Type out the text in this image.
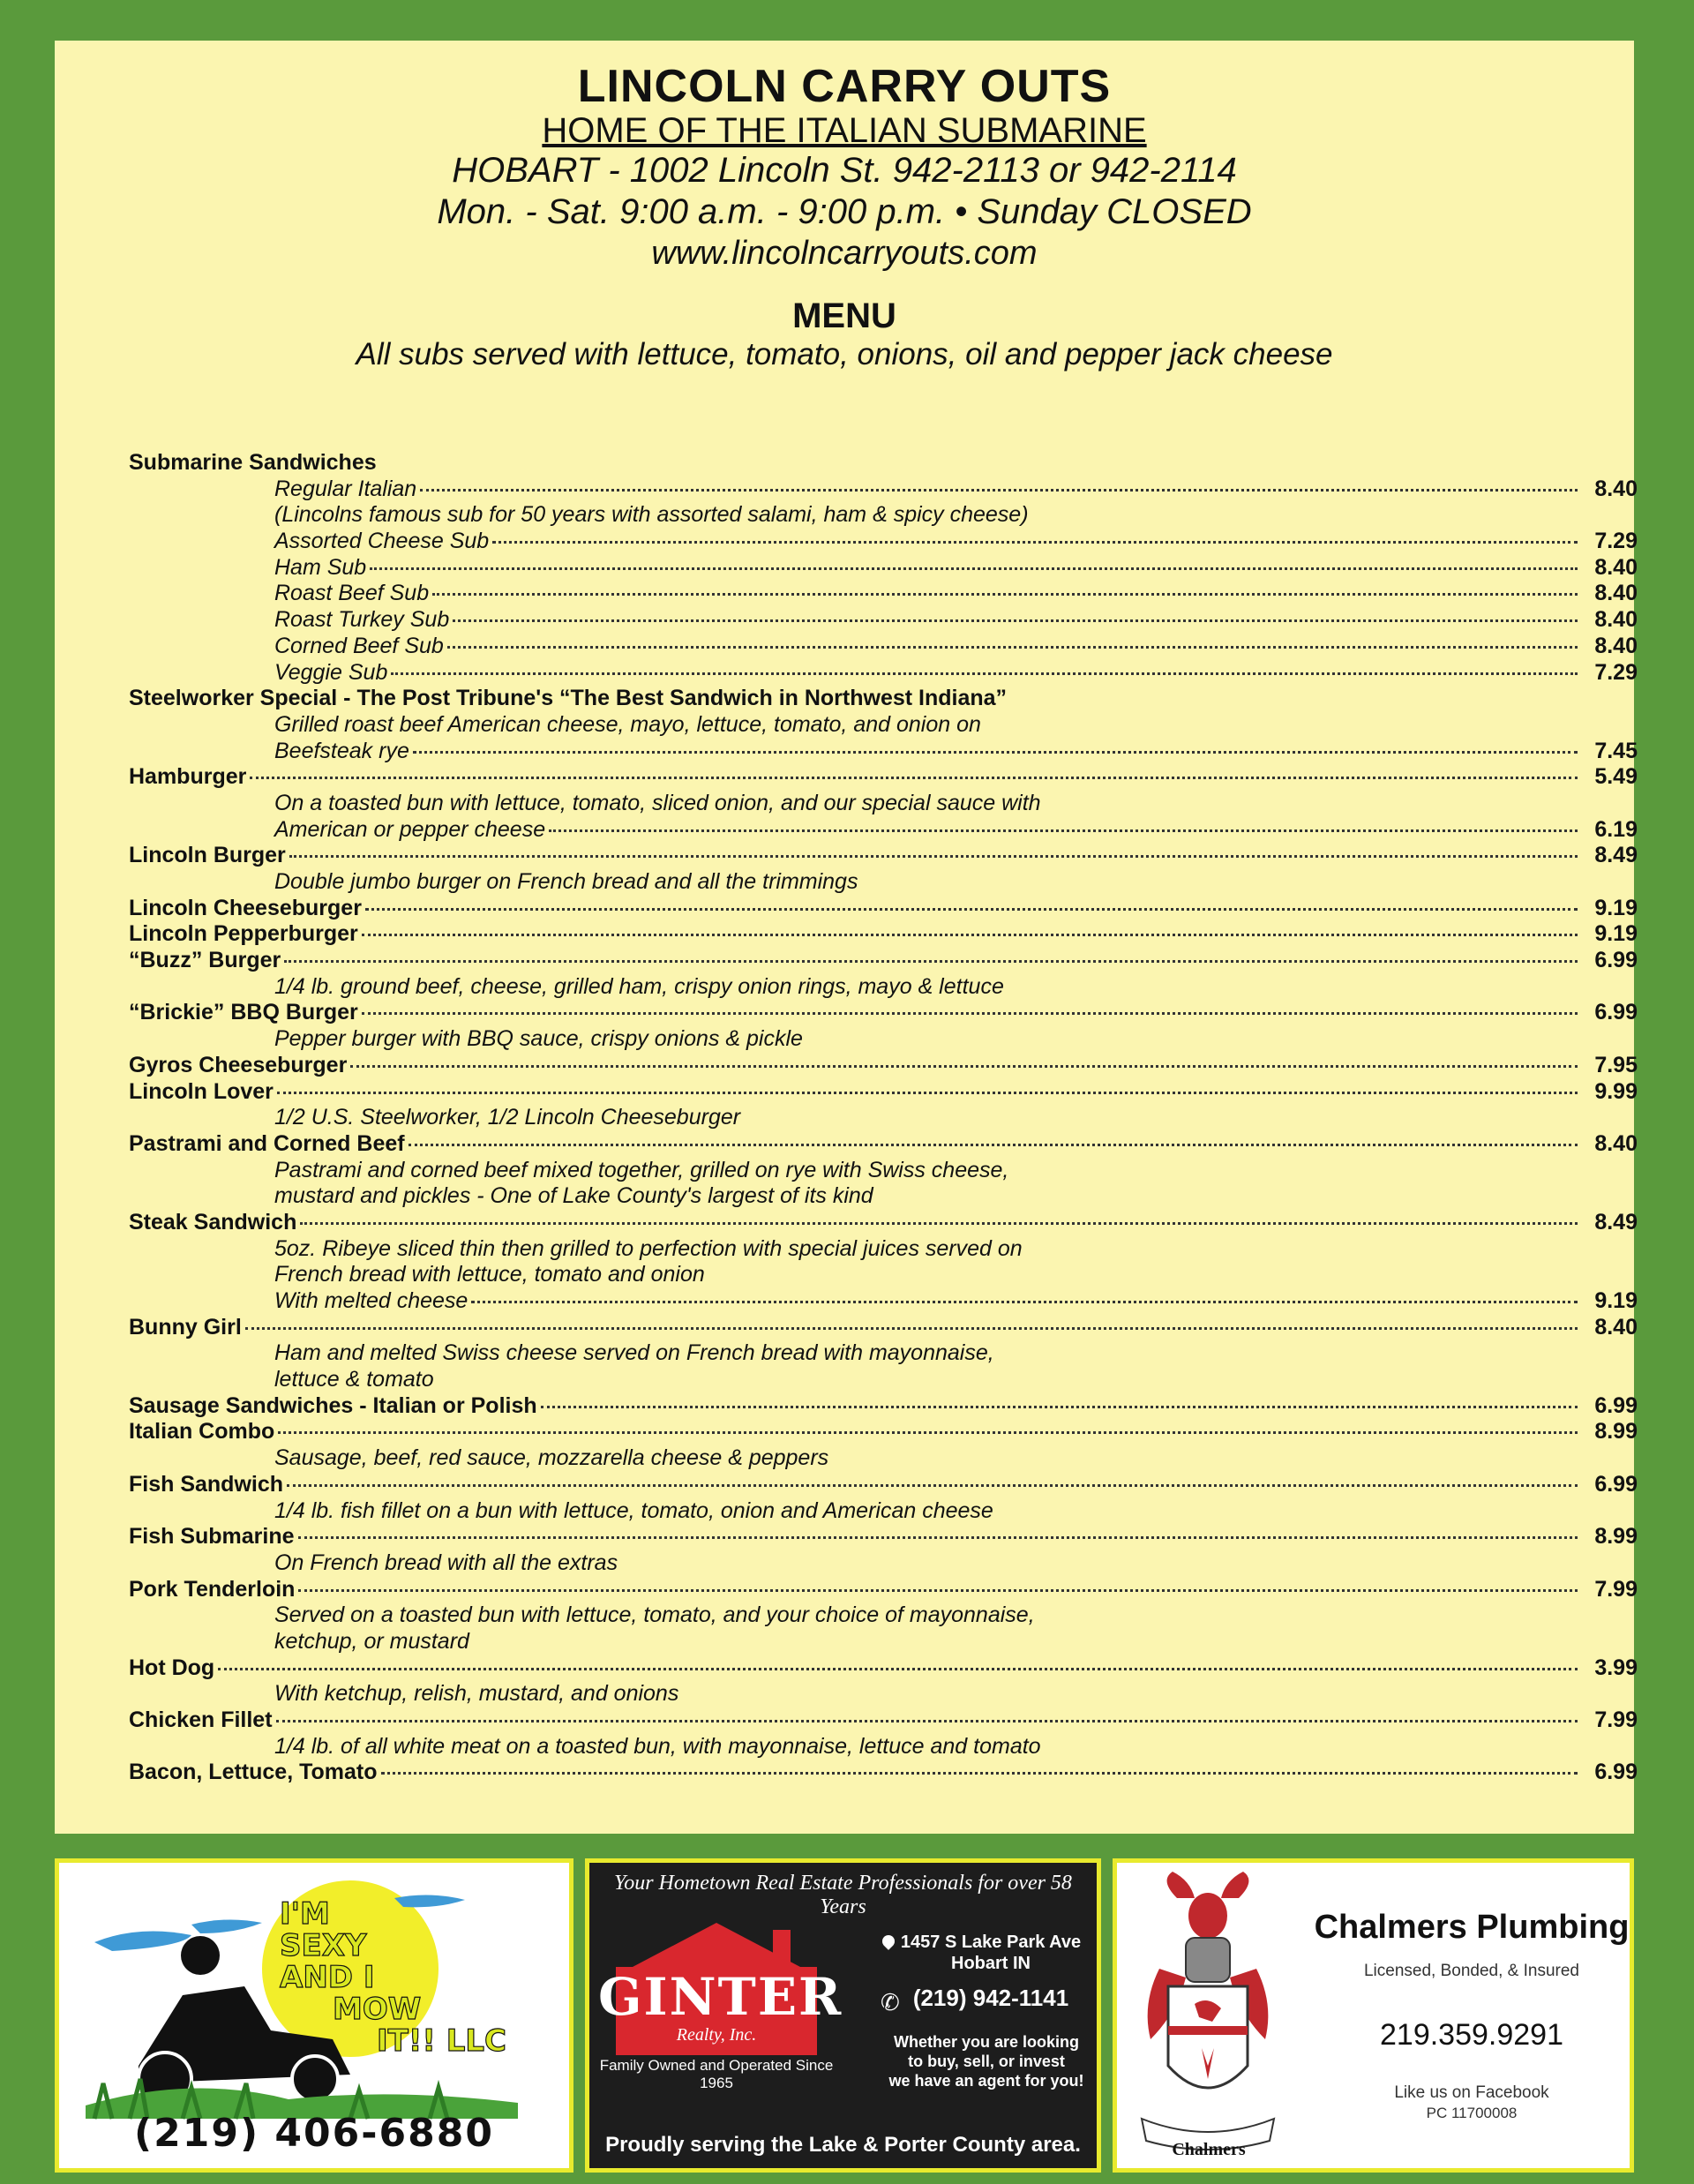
LINCOLN CARRY OUTS
HOME OF THE ITALIAN SUBMARINE
HOBART - 1002 Lincoln St. 942-2113 or 942-2114
Mon. - Sat. 9:00 a.m. - 9:00 p.m. • Sunday CLOSED
www.lincolncarryouts.com
MENU
All subs served with lettuce, tomato, onions, oil and pepper jack cheese
Submarine Sandwiches
Regular Italian	8.40
(Lincolns famous sub for 50 years with assorted salami, ham & spicy cheese)
Assorted Cheese Sub	7.29
Ham Sub	8.40
Roast Beef Sub	8.40
Roast Turkey Sub	8.40
Corned Beef Sub	8.40
Veggie Sub	7.29
Steelworker Special - The Post Tribune's “The Best Sandwich in Northwest Indiana”
Grilled roast beef American cheese, mayo, lettuce, tomato, and onion on
Beefsteak rye	7.45
Hamburger	5.49
On a toasted bun with lettuce, tomato, sliced onion, and our special sauce with
American or pepper cheese	6.19
Lincoln Burger	8.49
Double jumbo burger on French bread and all the trimmings
Lincoln Cheeseburger	9.19
Lincoln Pepperburger	9.19
“Buzz” Burger	6.99
1/4 lb. ground beef, cheese, grilled ham, crispy onion rings, mayo & lettuce
“Brickie” BBQ Burger	6.99
Pepper burger with BBQ sauce, crispy onions & pickle
Gyros Cheeseburger	7.95
Lincoln Lover	9.99
1/2 U.S. Steelworker, 1/2 Lincoln Cheeseburger
Pastrami and Corned Beef	8.40
Pastrami and corned beef mixed together, grilled on rye with Swiss cheese,
mustard and pickles - One of Lake County's largest of its kind
Steak Sandwich	8.49
5oz. Ribeye sliced thin then grilled to perfection with special juices served on
French bread with lettuce, tomato and onion
With melted cheese	9.19
Bunny Girl	8.40
Ham and melted Swiss cheese served on French bread with mayonnaise,
lettuce & tomato
Sausage Sandwiches - Italian or Polish	6.99
Italian Combo	8.99
Sausage, beef, red sauce, mozzarella cheese & peppers
Fish Sandwich	6.99
1/4 lb. fish fillet on a bun with lettuce, tomato, onion and American cheese
Fish Submarine	8.99
On French bread with all the extras
Pork Tenderloin	7.99
Served on a toasted bun with lettuce, tomato, and your choice of mayonnaise,
ketchup, or mustard
Hot Dog	3.99
With ketchup, relish, mustard, and onions
Chicken Fillet	7.99
1/4 lb. of all white meat on a toasted bun, with mayonnaise, lettuce and tomato
Bacon, Lettuce, Tomato	6.99
I'M
SEXY
AND I
MOW
IT!! LLC
(219) 406-6880
Your Hometown Real Estate Professionals for over 58 Years
GINTER
Realty, Inc.
Family Owned and Operated Since 1965
1457 S Lake Park Ave
Hobart IN
✆ (219) 942-1141
Whether you are looking
to buy, sell, or invest
we have an agent for you!
Proudly serving the Lake & Porter County area.	Chalmers
Chalmers Plumbing
Licensed, Bonded, & Insured
219.359.9291
Like us on Facebook
PC 11700008
